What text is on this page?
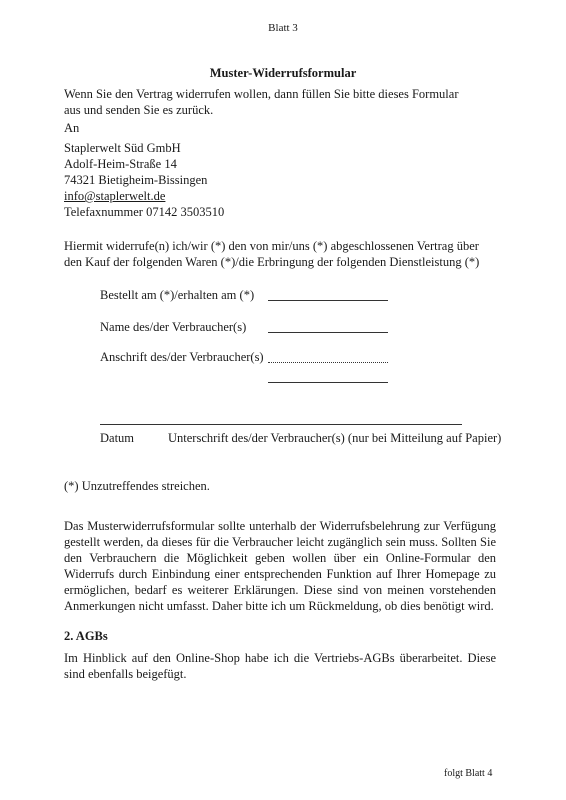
Blatt 3
Muster-Widerrufsformular
Wenn Sie den Vertrag widerrufen wollen, dann füllen Sie bitte dieses Formular aus und senden Sie es zurück.
An
Staplerwelt Süd GmbH
Adolf-Heim-Straße 14
74321 Bietigheim-Bissingen
info@staplerwelt.de
Telefaxnummer 07142 3503510
Hiermit widerrufe(n) ich/wir (*) den von mir/uns (*) abgeschlossenen Vertrag über den Kauf der folgenden Waren (*)/die Erbringung der folgenden Dienstleistung (*)
Bestellt am (*)/erhalten am (*)
Name des/der Verbraucher(s)
Anschrift des/der Verbraucher(s)
Datum	Unterschrift des/der Verbraucher(s) (nur bei Mitteilung auf Papier)
(*) Unzutreffendes streichen.
Das Musterwiderrufsformular sollte unterhalb der Widerrufsbelehrung zur Verfügung gestellt werden, da dieses für die Verbraucher leicht zugänglich sein muss. Sollten Sie den Verbrauchern die Möglichkeit geben wollen über ein Online-Formular den Widerrufs durch Einbindung einer entsprechenden Funktion auf Ihrer Homepage zu ermöglichen, bedarf es weiterer Erklärungen. Diese sind von meinen vorstehenden Anmerkungen nicht umfasst. Daher bitte ich um Rückmeldung, ob dies benötigt wird.
2. AGBs
Im Hinblick auf den Online-Shop habe ich die Vertriebs-AGBs überarbeitet. Diese sind ebenfalls beigefügt.
folgt Blatt 4
